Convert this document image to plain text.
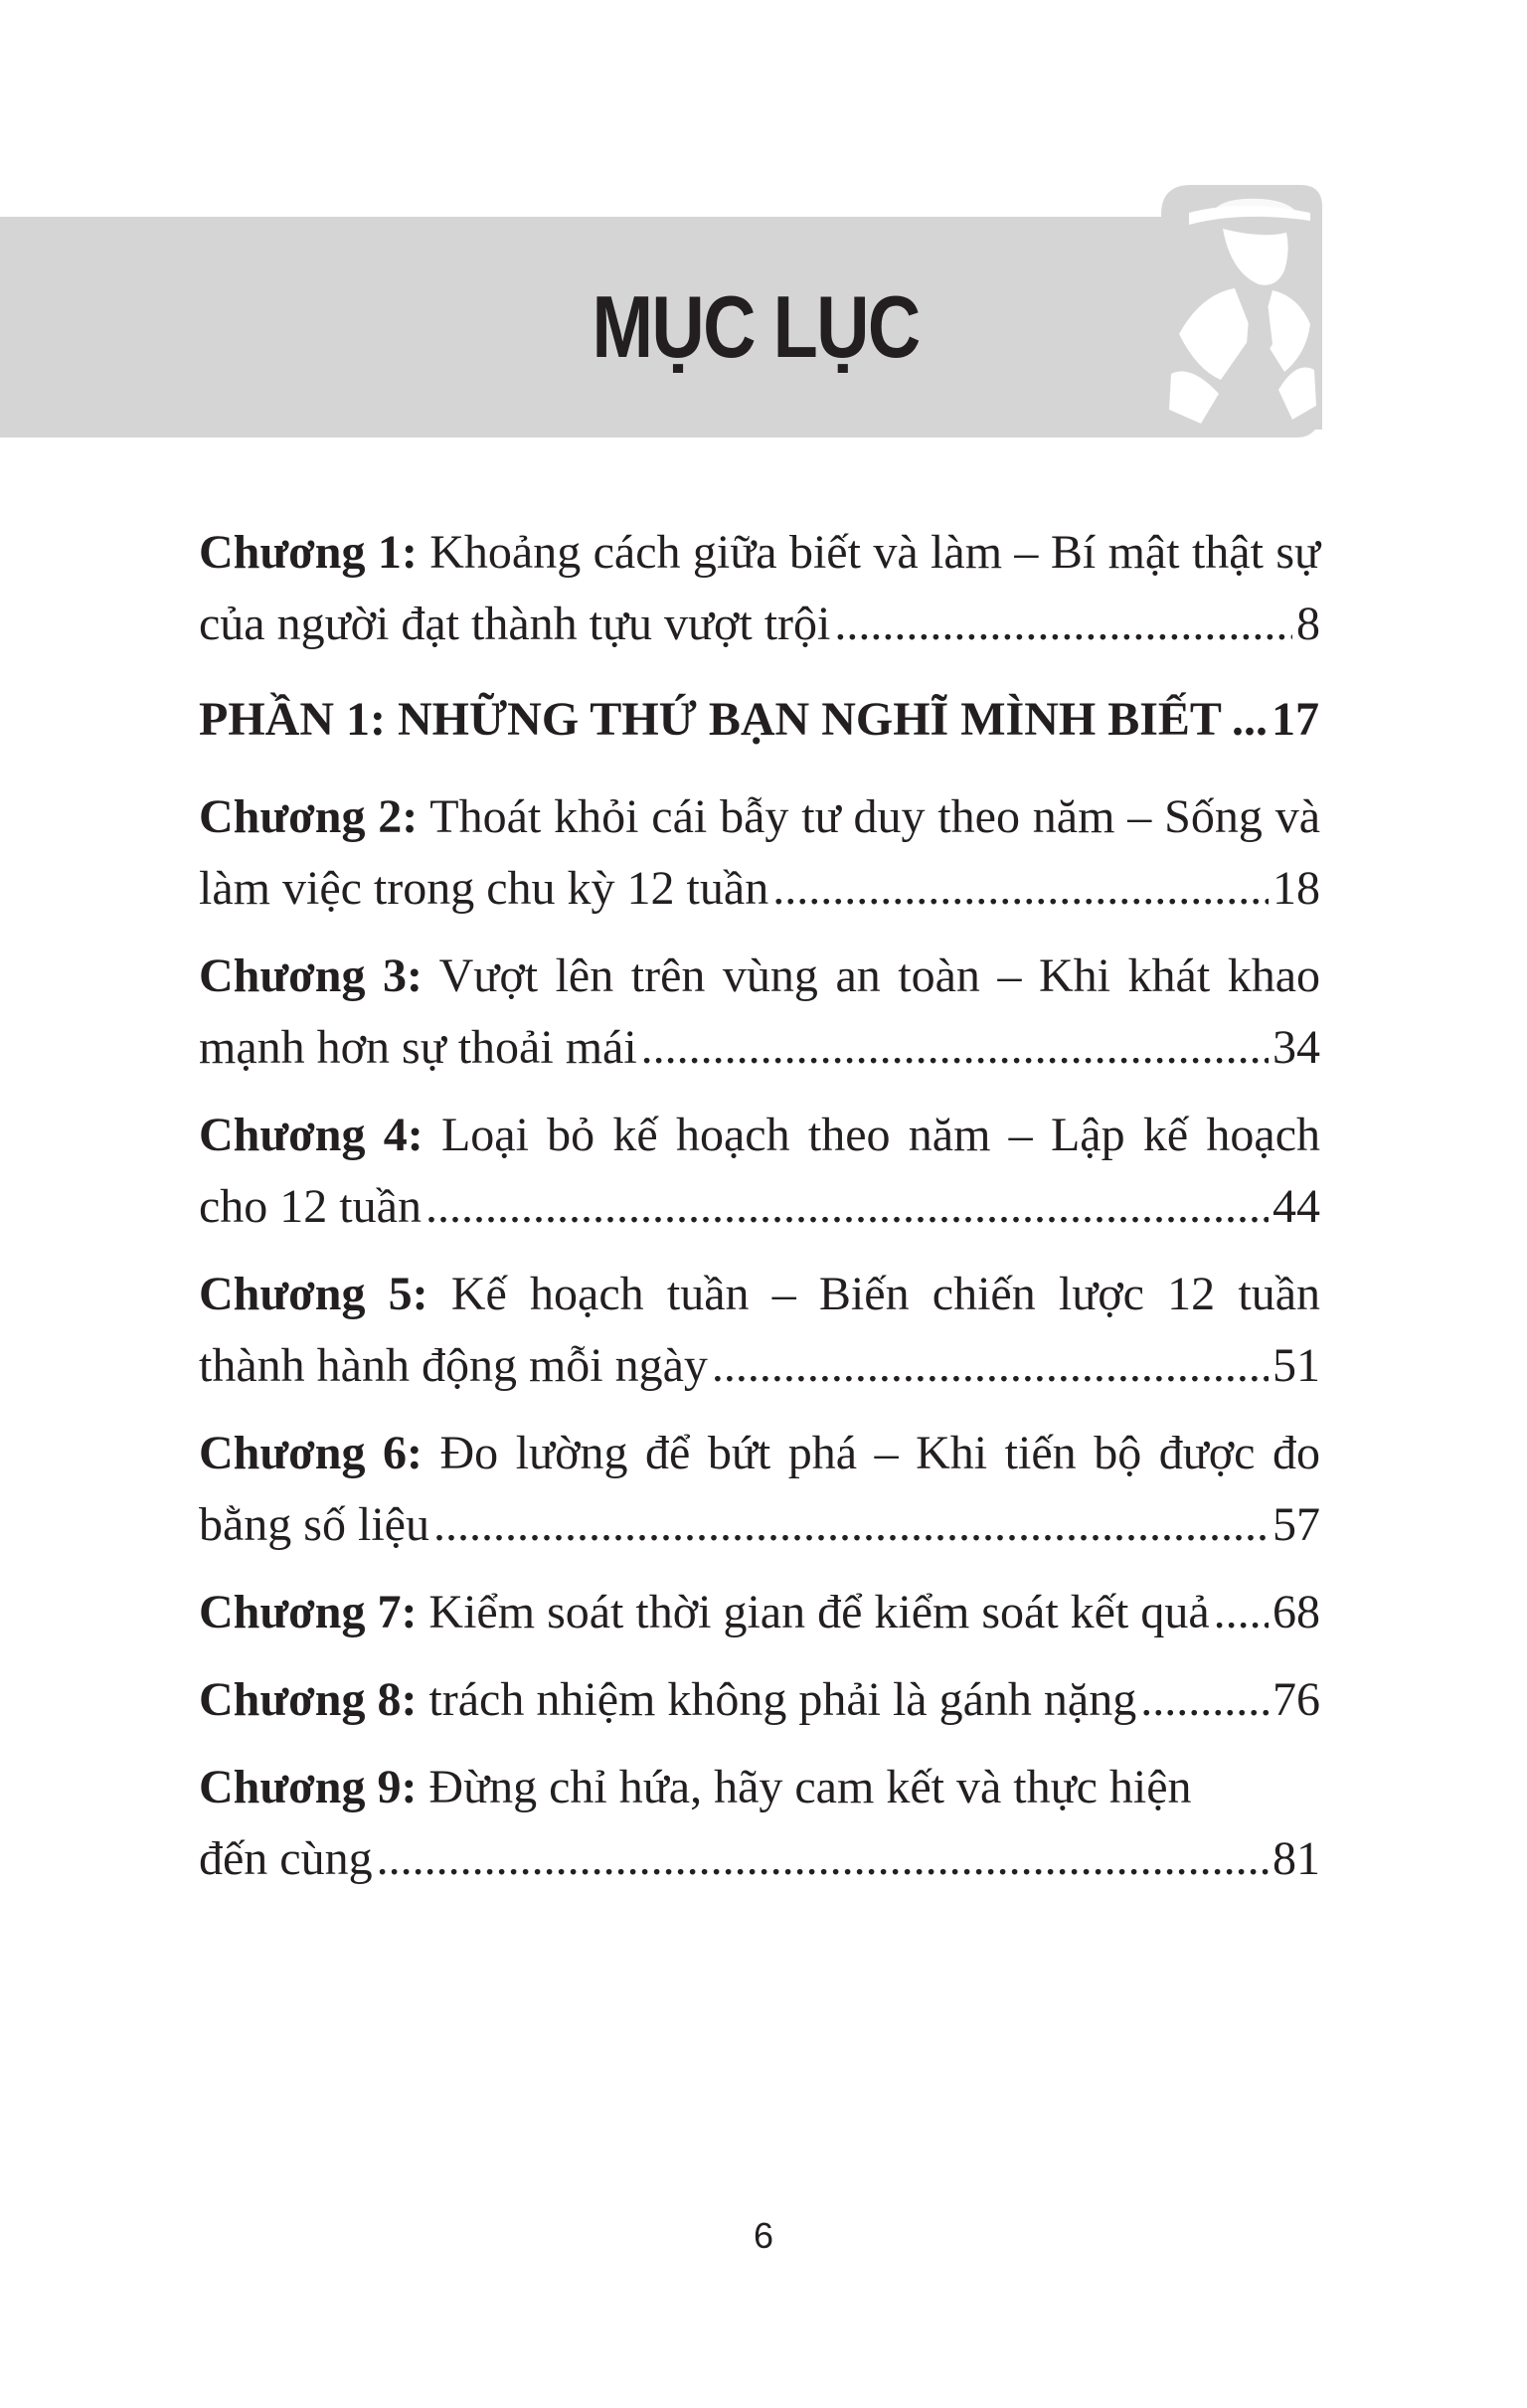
MỤC LỤC
Chương 1: Khoảng cách giữa biết và làm – Bí mật thật sự
của người đạt thành tựu vượt trội .....	8
PHẦN 1: NHỮNG THỨ BẠN NGHĨ MÌNH BIẾT ... 17
Chương 2: Thoát khỏi cái bẫy tư duy theo năm – Sống và
làm việc trong chu kỳ 12 tuần .....	18
Chương 3: Vượt lên trên vùng an toàn – Khi khát khao
mạnh hơn sự thoải mái .....	34
Chương 4: Loại bỏ kế hoạch theo năm – Lập kế hoạch
cho 12 tuần .....	44
Chương 5: Kế hoạch tuần – Biến chiến lược 12 tuần
thành hành động mỗi ngày .....	51
Chương 6: Đo lường để bứt phá – Khi tiến bộ được đo
bằng số liệu .....	57
Chương 7: Kiểm soát thời gian để kiểm soát kết quả ..... 68
Chương 8: trách nhiệm không phải là gánh nặng .....	76
Chương 9: Đừng chỉ hứa, hãy cam kết và thực hiện
đến cùng .....	81
6
